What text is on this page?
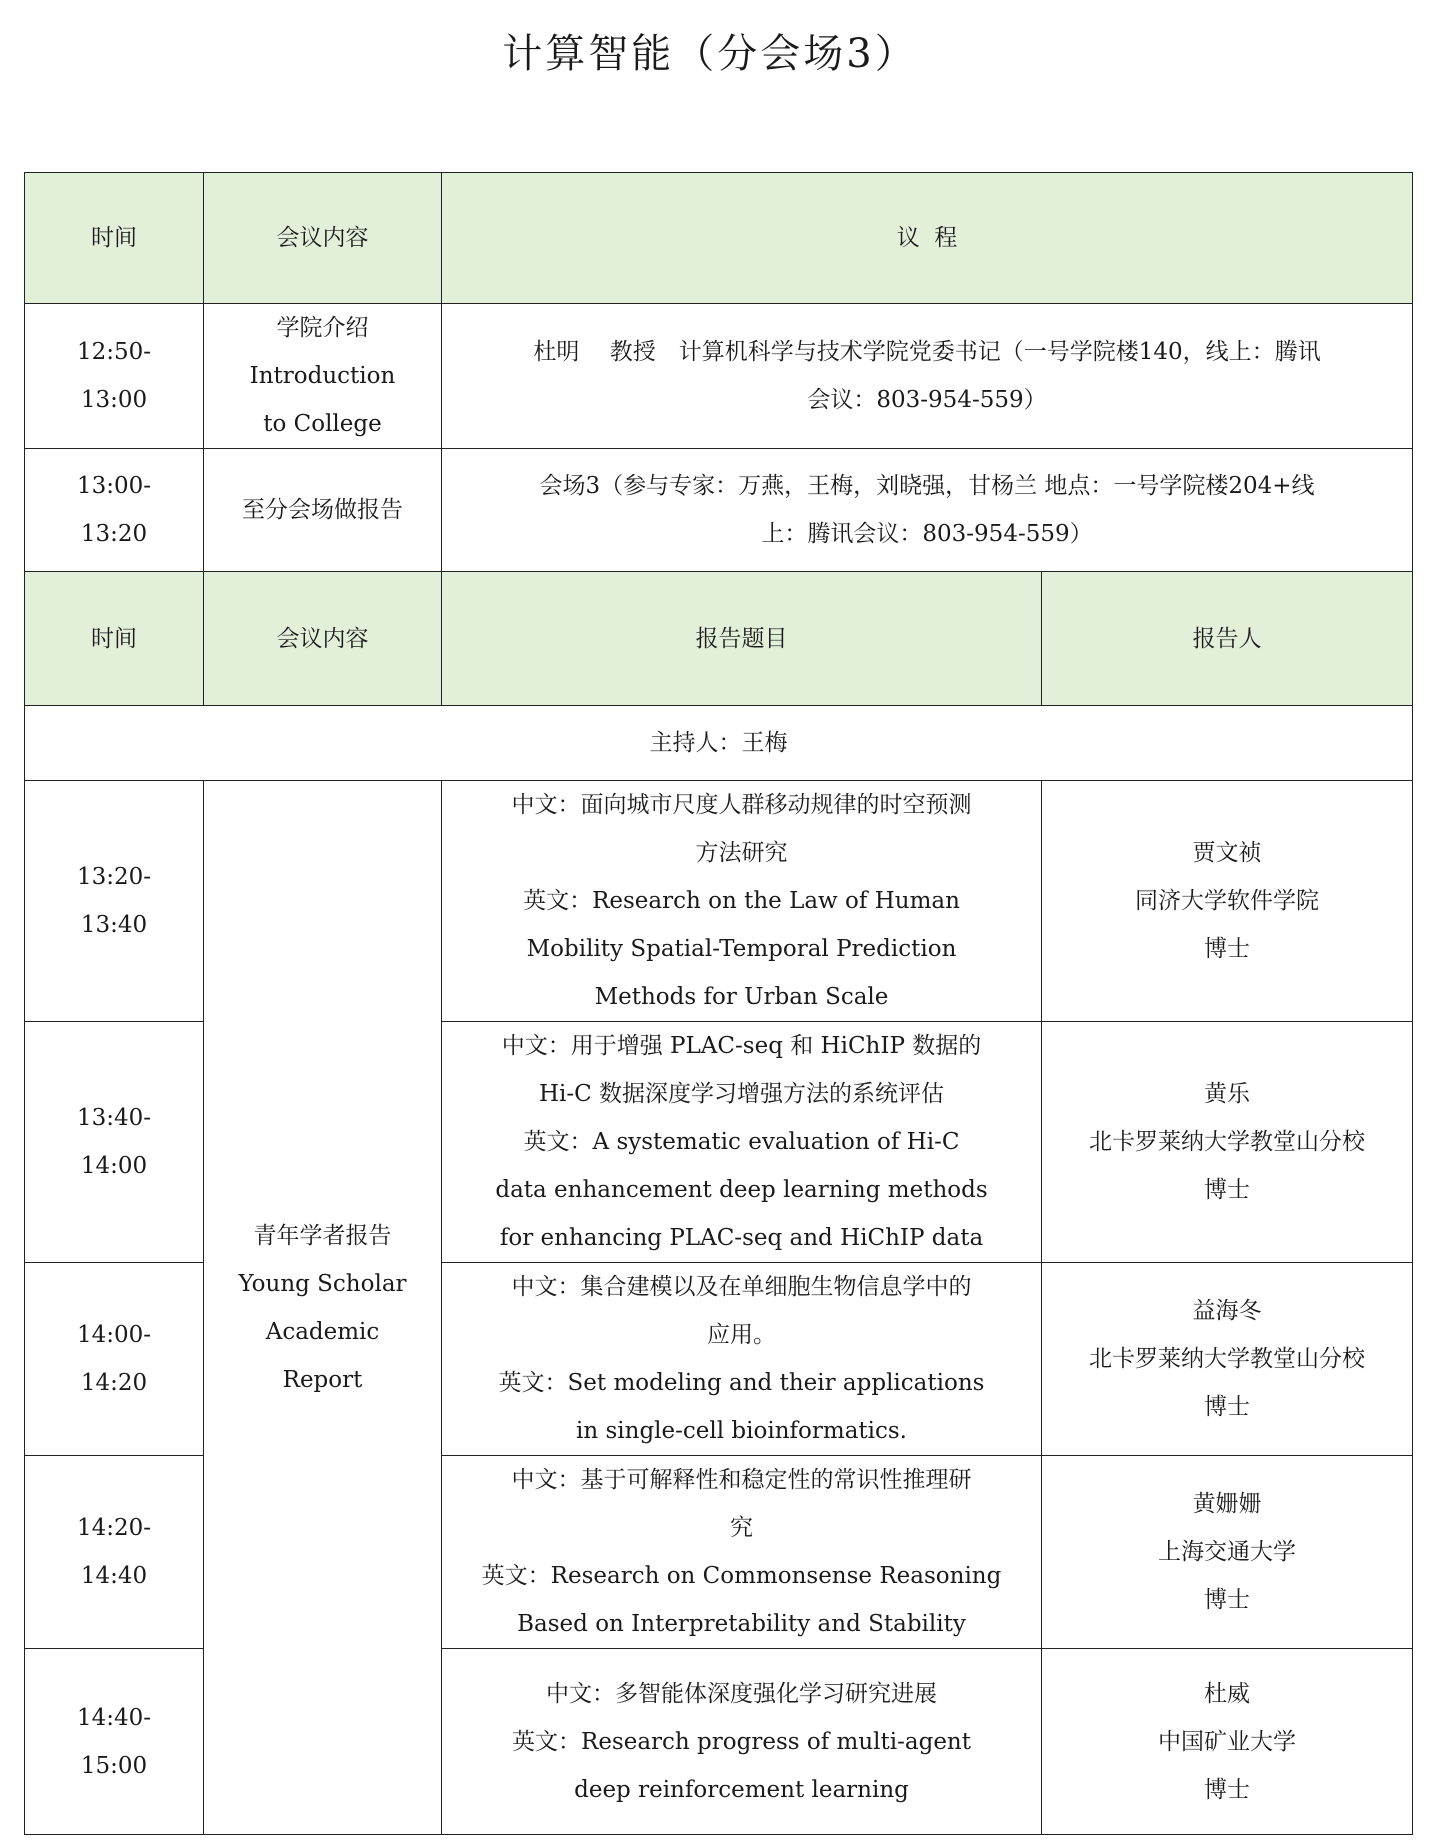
计算智能（分会场3）
时间	会议内容	议  程	

12:50-
13:00	学院介绍
Introduction
to College	杜明　 教授　计算机科学与技术学院党委书记（一号学院楼140，线上：腾讯
会议：803-954-559）	

13:00-
13:20	至分会场做报告	会场3（参与专家：万燕，王梅，刘晓强，甘杨兰 地点：一号学院楼204+线
上：腾讯会议：803-954-559）	

时间	会议内容	报告题目	报告人
主持人：王梅			

13:20-
13:40	青年学者报告
Young Scholar
Academic
Report	中文：面向城市尺度人群移动规律的时空预测
方法研究
英文：Research on the Law of Human
Mobility Spatial-Temporal Prediction
Methods for Urban Scale	贾文祯
同济大学软件学院
博士

13:40-
14:00		中文：用于增强 PLAC-seq 和 HiChIP 数据的
Hi-C 数据深度学习增强方法的系统评估
英文：A systematic evaluation of Hi-C
data enhancement deep learning methods
for enhancing PLAC-seq and HiChIP data	黄乐
北卡罗莱纳大学教堂山分校
博士

14:00-
14:20		中文：集合建模以及在单细胞生物信息学中的
应用。
英文：Set modeling and their applications
in single-cell bioinformatics.	益海冬
北卡罗莱纳大学教堂山分校
博士

14:20-
14:40		中文：基于可解释性和稳定性的常识性推理研
究
英文：Research on Commonsense Reasoning
Based on Interpretability and Stability	黄姗姗
上海交通大学
博士

14:40-
15:00		中文：多智能体深度强化学习研究进展
英文：Research progress of multi-agent
deep reinforcement learning	杜威
中国矿业大学
博士
